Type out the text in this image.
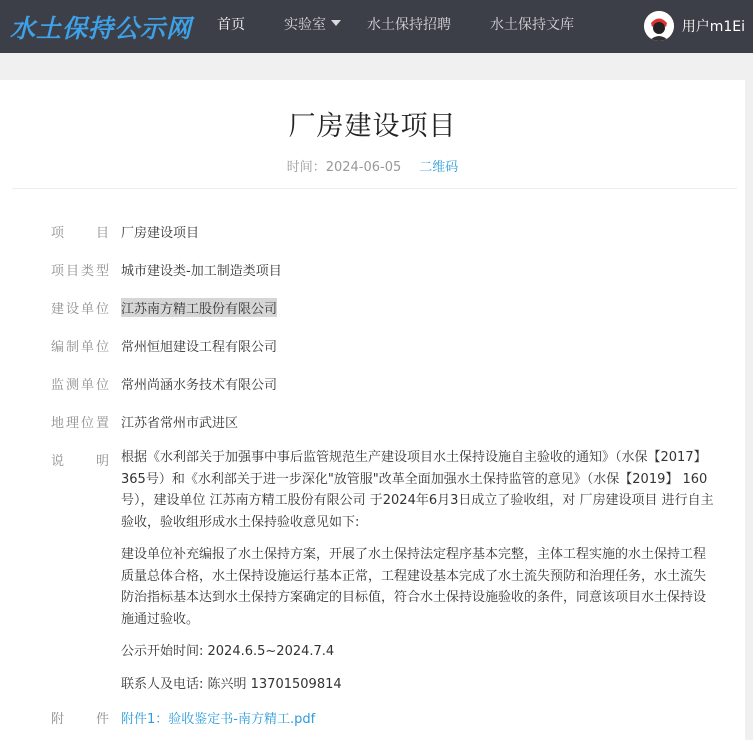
水土保持公示网 首页	实验室	水土保持招聘	水土保持文库	用户m1Ei
厂房建设项目
时间：2024-06-05 二维码
项目 厂房建设项目
项目类型 城市建设类-加工制造类项目
建设单位 江苏南方精工股份有限公司
编制单位 常州恒旭建设工程有限公司
监测单位 常州尚涵水务技术有限公司
地理位置 江苏省常州市武进区
说明 根据《水利部关于加强事中事后监管规范生产建设项目水土保持设施自主验收的通知》（水保【2017】365号）和《水利部关于进一步深化"放管服"改革全面加强水土保持监管的意见》（水保【2019】 160号），建设单位 江苏南方精工股份有限公司 于2024年6月3日成立了验收组，对 厂房建设项目 进行自主验收，验收组形成水土保持验收意见如下:

建设单位补充编报了水土保持方案，开展了水土保持法定程序基本完整，主体工程实施的水土保持工程质量总体合格，水土保持设施运行基本正常，工程建设基本完成了水土流失预防和治理任务，水土流失防治指标基本达到水土保持方案确定的目标值，符合水土保持设施验收的条件，同意该项目水土保持设施通过验收。

公示开始时间: 2024.6.5~2024.7.4

联系人及电话: 陈兴明 13701509814

附件 附件1：验收鉴定书-南方精工.pdf
